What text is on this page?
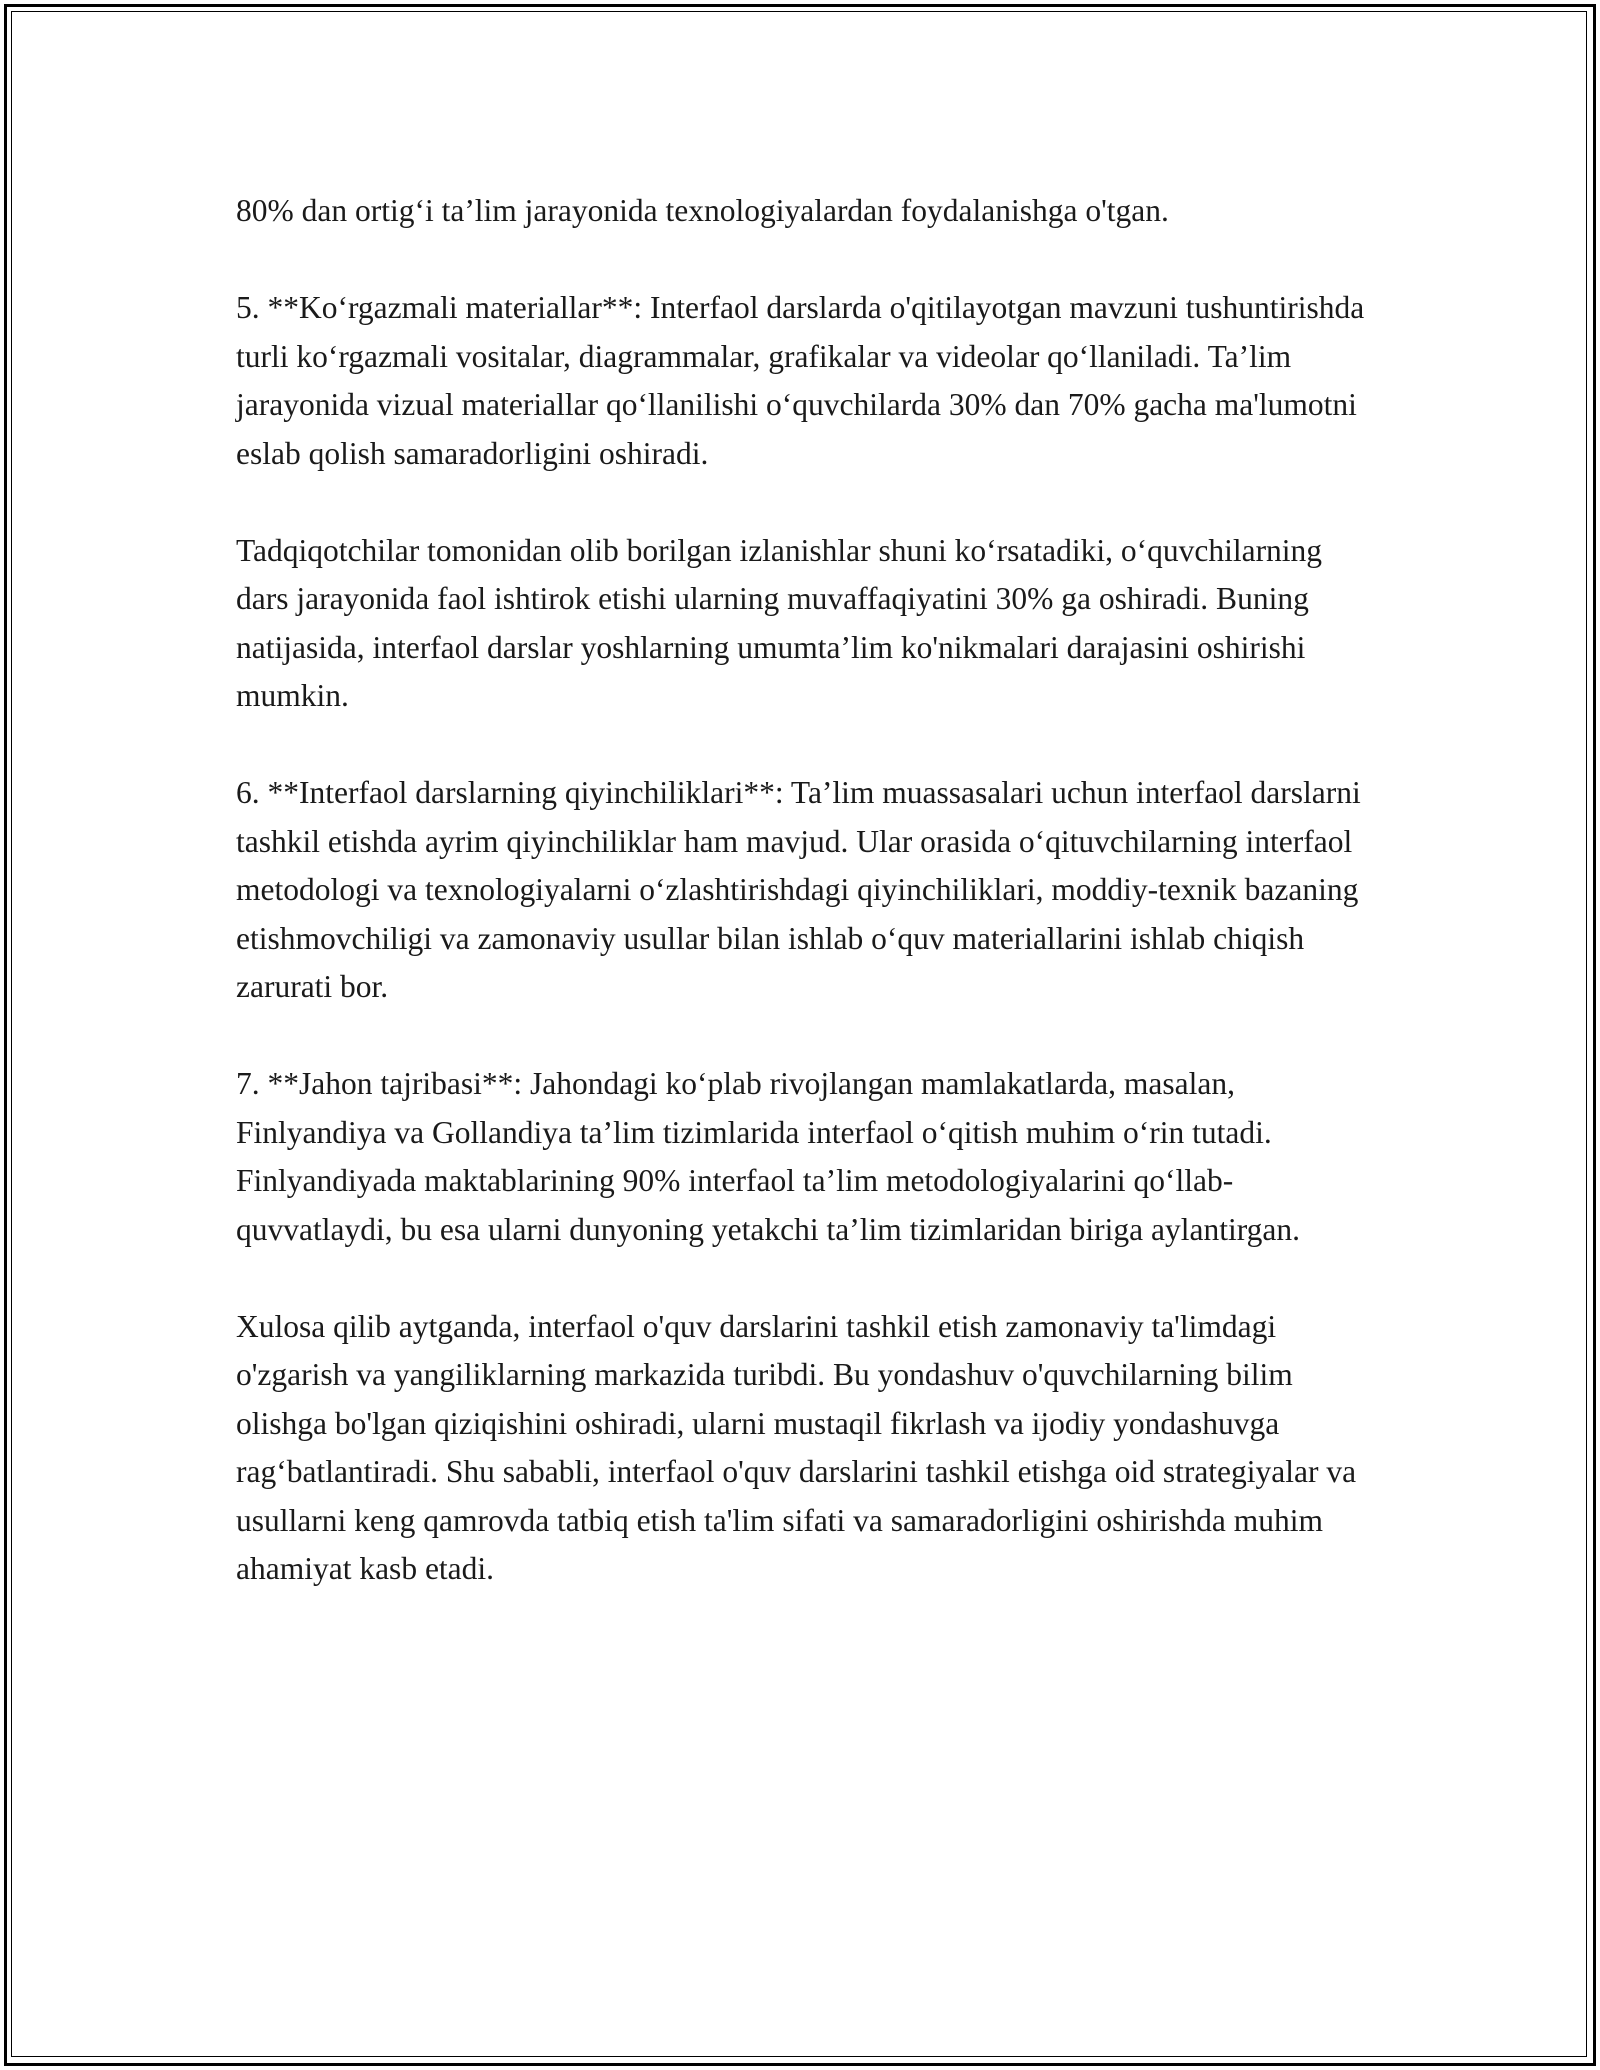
80% dan ortig‘i ta’lim jarayonida texnologiyalardan foydalanishga o'tgan.

5. **Ko‘rgazmali materiallar**: Interfaol darslarda o'qitilayotgan mavzuni tushuntirishda turli ko‘rgazmali vositalar, diagrammalar, grafikalar va videolar qo‘llaniladi. Ta’lim jarayonida vizual materiallar qo‘llanilishi o‘quvchilarda 30% dan 70% gacha ma'lumotni eslab qolish samaradorligini oshiradi.

Tadqiqotchilar tomonidan olib borilgan izlanishlar shuni ko‘rsatadiki, o‘quvchilarning dars jarayonida faol ishtirok etishi ularning muvaffaqiyatini 30% ga oshiradi. Buning natijasida, interfaol darslar yoshlarning umumta’lim ko'nikmalari darajasini oshirishi mumkin.

6. **Interfaol darslarning qiyinchiliklari**: Ta’lim muassasalari uchun interfaol darslarni tashkil etishda ayrim qiyinchiliklar ham mavjud. Ular orasida o‘qituvchilarning interfaol metodologi va texnologiyalarni o‘zlashtirishdagi qiyinchiliklari, moddiy-texnik bazaning etishmovchiligi va zamonaviy usullar bilan ishlab o‘quv materiallarini ishlab chiqish zarurati bor.

7. **Jahon tajribasi**: Jahondagi ko‘plab rivojlangan mamlakatlarda, masalan, Finlyandiya va Gollandiya ta’lim tizimlarida interfaol o‘qitish muhim o‘rin tutadi. Finlyandiyada maktablarining 90% interfaol ta’lim metodologiyalarini qo‘llab-quvvatlaydi, bu esa ularni dunyoning yetakchi ta’lim tizimlaridan biriga aylantirgan.

Xulosa qilib aytganda, interfaol o'quv darslarini tashkil etish zamonaviy ta'limdagi o'zgarish va yangiliklarning markazida turibdi. Bu yondashuv o'quvchilarning bilim olishga bo'lgan qiziqishini oshiradi, ularni mustaqil fikrlash va ijodiy yondashuvga rag‘batlantiradi. Shu sababli, interfaol o'quv darslarini tashkil etishga oid strategiyalar va usullarni keng qamrovda tatbiq etish ta'lim sifati va samaradorligini oshirishda muhim ahamiyat kasb etadi.
